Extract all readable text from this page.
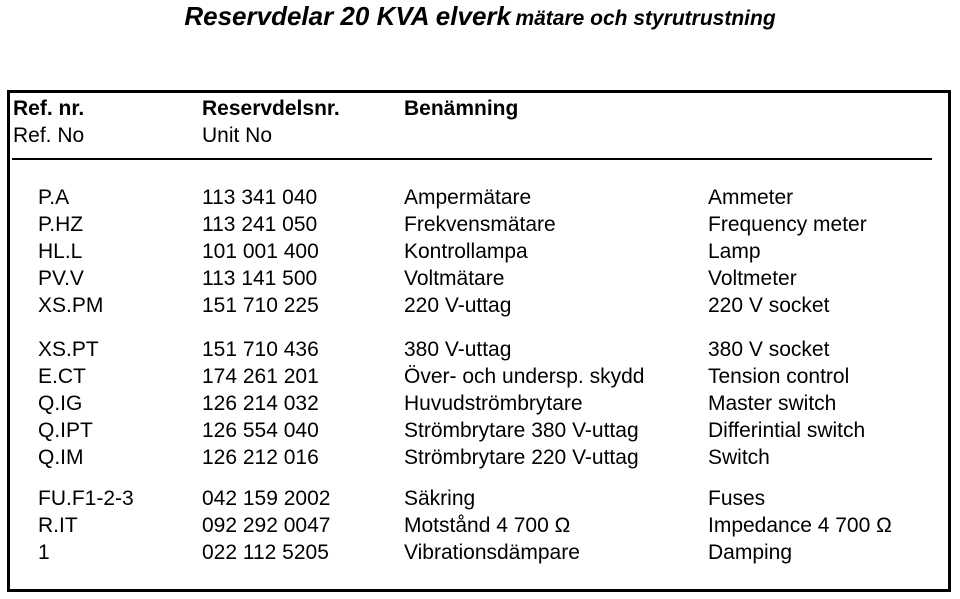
Reservdelar 20 KVA elverk mätare och styrutrustning
Ref. nr.	Reservdelsnr.	Benämning
Ref. No	Unit No
P.A	113 341 040	Ampermätare	Ammeter
P.HZ	113 241 050	Frekvensmätare	Frequency meter
HL.L	101 001 400	Kontrollampa	Lamp
PV.V	113 141 500	Voltmätare	Voltmeter
XS.PM	151 710 225	220 V-uttag	220 V socket
XS.PT	151 710 436	380 V-uttag	380 V socket
E.CT	174 261 201	Över- och undersp. skydd	Tension control
Q.IG	126 214 032	Huvudströmbrytare	Master switch
Q.IPT	126 554 040	Strömbrytare 380 V-uttag	Differintial switch
Q.IM	126 212 016	Strömbrytare 220 V-uttag	Switch
FU.F1-2-3	042 159 2002	Säkring	Fuses
R.IT	092 292 0047	Motstånd 4 700 Ω	Impedance 4 700 Ω
1	022 112 5205	Vibrationsdämpare	Damping
